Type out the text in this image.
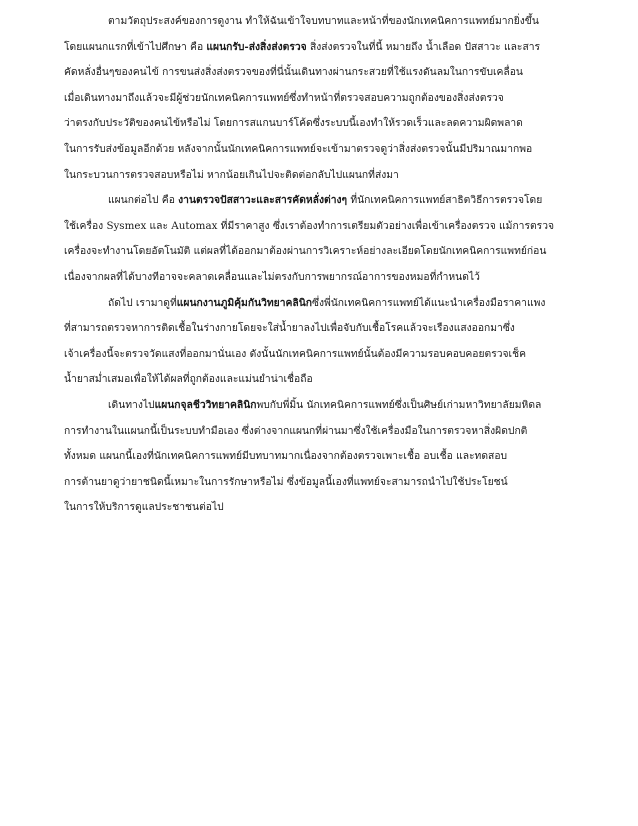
ตามวัตถุประสงค์ของการดูงาน ทำให้ฉันเข้าใจบทบาทและหน้าที่ของนักเทคนิคการแพทย์มากยิ่งขึ้น
โดยแผนกแรกที่เข้าไปศึกษา คือ แผนกรับ-ส่งสิ่งส่งตรวจ สิ่งส่งตรวจในที่นี้ หมายถึง น้ำเลือด ปัสสาวะ และสาร
คัดหลั่งอื่นๆของคนไข้ การขนส่งสิ่งส่งตรวจของที่นี่นั้นเดินทางผ่านกระสวยที่ใช้แรงดันลมในการขับเคลื่อน
เมื่อเดินทางมาถึงแล้วจะมีผู้ช่วยนักเทคนิคการแพทย์ซึ่งทำหน้าที่ตรวจสอบความถูกต้องของสิ่งส่งตรวจ
ว่าตรงกับประวัติของคนไข้หรือไม่ โดยการสแกนบาร์โค้ดซึ่งระบบนี้เองทำให้รวดเร็วและลดความผิดพลาด
ในการรับส่งข้อมูลอีกด้วย หลังจากนั้นนักเทคนิคการแพทย์จะเข้ามาตรวจดูว่าสิ่งส่งตรวจนั้นมีปริมาณมากพอ
ในกระบวนการตรวจสอบหรือไม่ หากน้อยเกินไปจะติดต่อกลับไปแผนกที่ส่งมา
แผนกต่อไป คือ งานตรวจปัสสาวะและสารคัดหลั่งต่างๆ ที่นักเทคนิคการแพทย์สาธิตวิธีการตรวจโดย
ใช้เครื่อง Sysmex และ Automax ที่มีราคาสูง ซึ่งเราต้องทำการเตรียมตัวอย่างเพื่อเข้าเครื่องตรวจ แม้การตรวจ
เครื่องจะทำงานโดยอัตโนมัติ แต่ผลที่ได้ออกมาต้องผ่านการวิเคราะห์อย่างละเอียดโดยนักเทคนิคการแพทย์ก่อน
เนื่องจากผลที่ได้บางทีอาจจะคลาดเคลื่อนและไม่ตรงกับการพยากรณ์อาการของหมอที่กำหนดไว้
ถัดไป เรามาดูที่แผนกงานภูมิคุ้มกันวิทยาคลินิกซึ่งพี่นักเทคนิคการแพทย์ได้แนะนำเครื่องมือราคาแพง
ที่สามารถตรวจหาการติดเชื้อในร่างกายโดยจะใส่น้ำยาลงไปเพื่อจับกับเชื้อโรคแล้วจะเรืองแสงออกมาซึ่ง
เจ้าเครื่องนี้จะตรวจวัดแสงที่ออกมานั่นเอง ดังนั้นนักเทคนิคการแพทย์นั้นต้องมีความรอบคอบคอยตรวจเช็ค
น้ำยาสม่ำเสมอเพื่อให้ได้ผลที่ถูกต้องและแม่นยำน่าเชื่อถือ
เดินทางไปแผนกจุลชีววิทยาคลินิกพบกับพี่มิ้น นักเทคนิคการแพทย์ซึ่งเป็นศิษย์เก่ามหาวิทยาลัยมหิดล
การทำงานในแผนกนี้เป็นระบบทำมือเอง ซึ่งต่างจากแผนกที่ผ่านมาซึ่งใช้เครื่องมือในการตรวจหาสิ่งผิดปกติ
ทั้งหมด แผนกนี้เองที่นักเทคนิคการแพทย์มีบทบาทมากเนื่องจากต้องตรวจเพาะเชื้อ อบเชื้อ และทดสอบ
การต้านยาดูว่ายาชนิดนี้เหมาะในการรักษาหรือไม่ ซึ่งข้อมูลนี้เองที่แพทย์จะสามารถนำไปใช้ประโยชน์
ในการให้บริการดูแลประชาชนต่อไป
